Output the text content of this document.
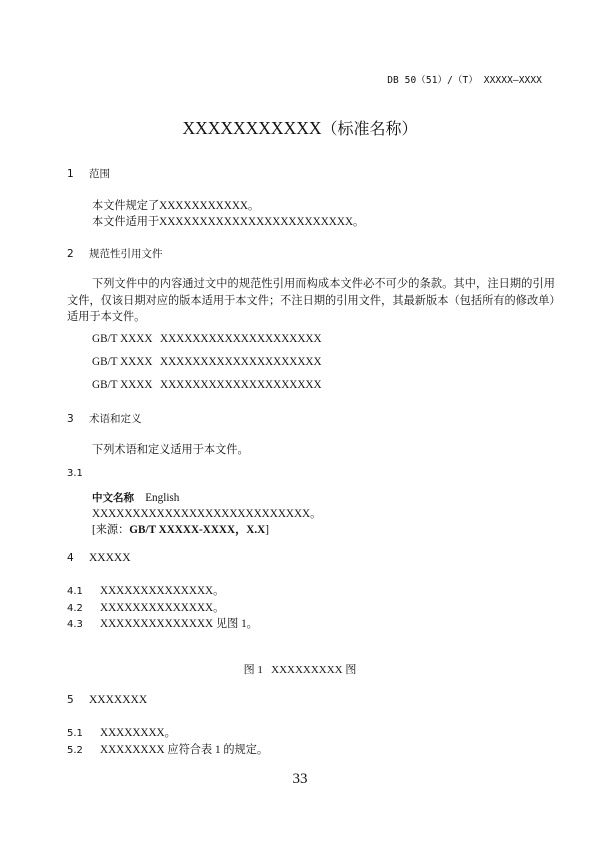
DB 50（51）/（T） XXXXX—XXXX
XXXXXXXXXXX（标准名称）
1 范围
本文件规定了XXXXXXXXXXX。
本文件适用于XXXXXXXXXXXXXXXXXXXXXXXX。
2 规范性引用文件
下列文件中的内容通过文中的规范性引用而构成本文件必不可少的条款。其中，注日期的引用文件，仅该日期对应的版本适用于本文件；不注日期的引用文件，其最新版本（包括所有的修改单）适用于本文件。
GB/T XXXX XXXXXXXXXXXXXXXXXXXX
GB/T XXXX XXXXXXXXXXXXXXXXXXXX
GB/T XXXX XXXXXXXXXXXXXXXXXXXX
3 术语和定义
下列术语和定义适用于本文件。
3.1
中文名称 English
XXXXXXXXXXXXXXXXXXXXXXXXXXX。
[来源：GB/T XXXXX-XXXX，X.X]
4 XXXXX
4.1 XXXXXXXXXXXXXX。
4.2 XXXXXXXXXXXXXX。
4.3 XXXXXXXXXXXXXX 见图 1。
图 1 XXXXXXXXX 图
5 XXXXXXX
5.1 XXXXXXXX。
5.2 XXXXXXXX 应符合表 1 的规定。
33
